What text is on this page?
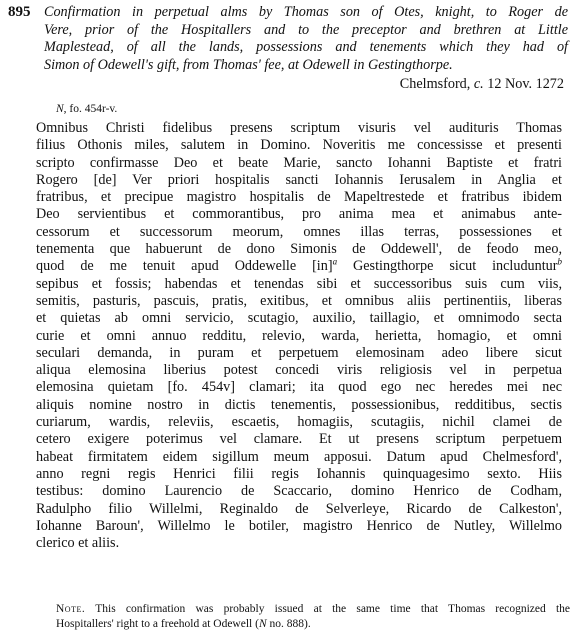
895 Confirmation in perpetual alms by Thomas son of Otes, knight, to Roger de
Vere, prior of the Hospitallers and to the preceptor and brethren at Little
Maplestead, of all the lands, possessions and tenements which they had of
Simon of Odewell's gift, from Thomas' fee, at Odewell in Gestingthorpe.
Chelmsford, c. 12 Nov. 1272
N, fo. 454r-v.
Omnibus Christi fidelibus presens scriptum visuris vel audituris Thomas
filius Othonis miles, salutem in Domino. Noveritis me concessisse et presenti
scripto confirmasse Deo et beate Marie, sancto Iohanni Baptiste et fratri
Rogero [de] Ver priori hospitalis sancti Iohannis Ierusalem in Anglia et
fratribus, et precipue magistro hospitalis de Mapeltrestede et fratribus ibidem
Deo servientibus et commorantibus, pro anima mea et animabus ante-
cessorum et successorum meorum, omnes illas terras, possessiones et
tenementa que habuerunt de dono Simonis de Oddewell', de feodo meo,
quod de me tenuit apud Oddewelle [in]$^a$ Gestingthorpe sicut includuntur$^b$
sepibus et fossis; habendas et tenendas sibi et successoribus suis cum viis,
semitis, pasturis, pascuis, pratis, exitibus, et omnibus aliis pertinentiis, liberas
et quietas ab omni servicio, scutagio, auxilio, taillagio, et omnimodo secta
curie et omni annuo redditu, relevio, warda, herietta, homagio, et omni
seculari demanda, in puram et perpetuem elemosinam adeo libere sicut
aliqua elemosina liberius potest concedi viris religiosis vel in perpetua
elemosina quietam [fo. 454v] clamari; ita quod ego nec heredes mei nec
aliquis nomine nostro in dictis tenementis, possessionibus, redditibus, sectis
curiarum, wardis, releviis, escaetis, homagiis, scutagiis, nichil clamei de
cetero exigere poterimus vel clamare. Et ut presens scriptum perpetuem
habeat firmitatem eidem sigillum meum apposui. Datum apud Chelmesford',
anno regni regis Henrici filii regis Iohannis quinquagesimo sexto. Hiis
testibus: domino Laurencio de Scaccario, domino Henrico de Codham,
Radulpho filio Willelmi, Reginaldo de Selverleye, Ricardo de Calkeston',
Iohanne Baroun', Willelmo le botiler, magistro Henrico de Nutley, Willelmo
clerico et aliis.
Note. This confirmation was probably issued at the same time that Thomas recognized the
Hospitallers' right to a freehold at Odewell (N no. 888).
